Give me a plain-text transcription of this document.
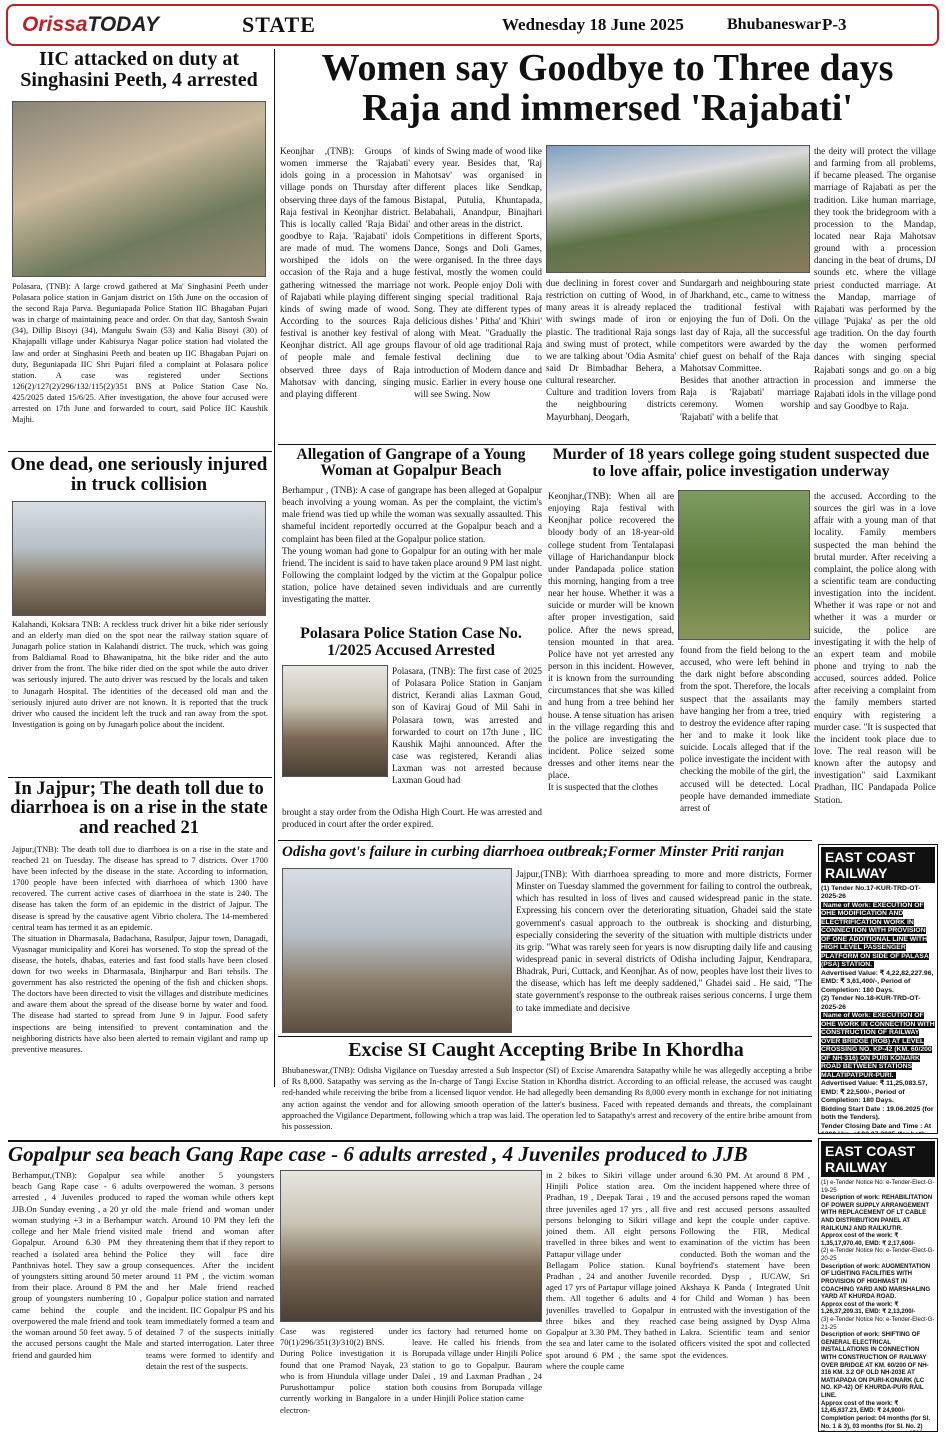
OrissaTODAY	STATE	Wednesday 18 June 2025	Bhubaneswar P-3
IIC attacked on duty at Singhasini Peeth, 4 arrested
Polasara, (TNB): A large crowd gathered at Ma' Singhasini Peeth under Polasara police station in Ganjam district on 15th June on the occasion of the second Raja Parva. Beguniapada Police Station IIC Bhagaban Pujari was in charge of maintaining peace and order. On that day, Santosh Swain (34), Dillip Bisoyi (34), Mangulu Swain (53) and Kalia Bisoyi (30) of Khajapalli village under Kabisurya Nagar police station had violated the law and order at Singhasini Peeth and beaten up IIC Bhagaban Pujari on duty, Beguniapada IIC Shri Pujari filed a complaint at Polasara police station. A case was registered under Sections 126(2)/127(2)/296/132/115(2)/351 BNS at Police Station Case No. 425/2025 dated 15/6/25. After investigation, the above four accused were arrested on 17th June and forwarded to court, said Police IIC Kaushik Majhi.
Women say Goodbye to Three days Raja and immersed 'Rajabati'
Keonjhar ,(TNB): Groups of women immerse the 'Rajabati' idols going in a procession in village ponds on Thursday after observing three days of the famous Raja festival in Keonjhar district. This is locally called 'Raja Bidai' goodbye to Raja. 'Rajabati' idols are made of mud. The womens worshiped the idols on the occasion of the Raja and a huge gathering witnessed the marriage of Rajabati while playing different kinds of swing made of wood. According to the sources Raja festival is another key festival of Keonjhar district. All age groups of people male and female observed three days of Raja Mahotsav with dancing, singing and playing different
kinds of Swing made of wood like every year. Besides that, 'Raj Mahotsav' was organised in different places like Sendkap, Bistapal, Putulia, Khuntapada, Belabahali, Anandpur, Binajhari and other areas in the district.
Competitions in different Sports, Dance, Songs and Doli Games, were organised. In the three days festival, mostly the women could not work. People enjoy Doli with singing special traditional Raja Song. They ate different types of delicious dishes ' Pitha' and 'Khiri' along with Meat. "Gradually the flavour of old age traditional Raja festival declining due to introduction of Modern dance and music. Earlier in every house one will see Swing. Now
due declining in forest cover and restriction on cutting of Wood, in many areas it is already replaced with swings made of iron or plastic. The traditional Raja songs and swing must of protect, while we are talking about 'Odia Asmita' said Dr Bimbadhar Behera, a cultural researcher.
Culture and tradition lovers from the neighbouring districts Mayurbhanj, Deogarh,
Sundargarh and neighbouring state of Jharkhand, etc., came to witness the traditional festival with enjoying the fun of Doli. On the last day of Raja, all the successful competitors were awarded by the chief guest on behalf of the Raja Mahotsav Committee.
Besides that another attraction in Raja is 'Rajabati' marriage ceremony. Women worship 'Rajabati' with a belife that
the deity will protect the village and farming from all problems, if became pleased. The organise marriage of Rajabati as per the tradition. Like human marriage, they took the bridegroom with a procession to the Mandap, located near Raja Mahotsav ground with a procession dancing in the beat of drums, DJ sounds etc. where the village priest conducted marriage. At the Mandap, marriage of Rajabati was performed by the village 'Pujaka' as per the old age tradition. On the day fourth day the women performed dances with singing special Rajabati songs and go on a big procession and immerse the Rajabati idols in the village pond and say Goodbye to Raja.
One dead, one seriously injured in truck collision
Kalahandi, Koksara TNB: A reckless truck driver hit a bike rider seriously and an elderly man died on the spot near the railway station square of Junagarh police station in Kalahandi district. The truck, which was going from Baldiamal Road to Bhawanipatna, hit the bike rider and the auto driver from the front. The bike rider died on the spot while the auto driver was seriously injured. The auto driver was rescued by the locals and taken to Junagarh Hospital. The identities of the deceased old man and the seriously injured auto driver are not known. It is reported that the truck driver who caused the incident left the truck and ran away from the spot. Investigation is going on by Junagarh police about the incident.
Allegation of Gangrape of a Young Woman at Gopalpur Beach
Berhampur , (TNB): A case of gangrape has been alleged at Gopalpur beach involving a young woman. As per the complaint, the victim's male friend was tied up while the woman was sexually assaulted. This shameful incident reportedly occurred at the Gopalpur beach and a complaint has been filed at the Gopalpur police station.
The young woman had gone to Gopalpur for an outing with her male friend. The incident is said to have taken place around 9 PM last night. Following the complaint lodged by the victim at the Gopalpur police station, police have detained seven individuals and are currently investigating the matter.
Polasara Police Station Case No. 1/2025 Accused Arrested
Polasara, (TNB): The first case of 2025 of Polasara Police Station in Ganjam district, Kerandi alias Laxman Goud, son of Kaviraj Goud of Mil Sahi in Polasara town, was arrested and forwarded to court on 17th June , IIC Kaushik Majhi announced. After the case was registered, Kerandi alias Laxman was not arrested because Laxman Goud had
brought a stay order from the Odisha High Court. He was arrested and produced in court after the order expired.
Murder of 18 years college going student suspected due to love affair, police investigation underway
Keonjhar,(TNB): When all are enjoying Raja festival with Keonjhar police recovered the bloody body of an 18-year-old college student from Tentalapasi village of Harichandanpur block under Pandapada police station this morning, hanging from a tree near her house. Whether it was a suicide or murder will be known after proper investigation, said police. After the news spread, tension mounted in that area. Police have not yet arrested any person in this incident. However, it is known from the surrounding circumstances that she was killed and hung from a tree behind her house. A tense situation has arisen in the village regarding this and the police are investigating the incident. Police seized some dresses and other items near the place.
It is suspected that the clothes
found from the field belong to the accused, who were left behind in the dark night before absconding from the spot. Therefore, the locals suspect that the assailants may have hanging her from a tree, tried to destroy the evidence after raping her and to make it look like suicide. Locals alleged that if the police investigate the incident with checking the mobile of the girl, the accused will be detected. Local people have demanded immediate arrest of
the accused. According to the sources the girl was in a love affair with a young man of that locality. Family members suspected the man behind the brutal murder. After receiving a complaint, the police along with a scientific team are conducting investigation into the incident. Whether it was rape or not and whether it was a murder or suicide, the police are investigating it with the help of an expert team and mobile phone and trying to nab the accused, sources added. Police after receiving a complaint from the family members started enquiry with registering a murder case. "It is suspected that the incident took place due to love. The real reason will be known after the autopsy and investigation" said Laxmikant Pradhan, IIC Pandapada Police Station.
In Jajpur; The death toll due to diarrhoea is on a rise in the state and reached 21
Jajpur,(TNB): The death toll due to diarrhoea is on a rise in the state and reached 21 on Tuesday. The disease has spread to 7 districts. Over 1700 have been infected by the disease in the state. According to information, 1700 people have been infected with diarrhoea of which 1300 have recovered. The current active cases of diarrhoea in the state is 240. The disease has taken the form of an epidemic in the district of Jajpur. The disease is spread by the causative agent Vibrio cholera. The 14-membered central team has termed it as an epidemic.
The situation in Dharmasala, Badachana, Rasulpur, Jajpur town, Danagadi, Vyasnagar municipality and Korei has worsened. To stop the spread of the disease, the hotels, dhabas, eateries and fast food stalls have been closed down for two weeks in Dharmasala, Binjharpur and Bari tehsils. The government has also restricted the opening of the fish and chicken shops. The doctors have been directed to visit the villages and distribute medicines and aware them about the spread of the disease borne by water and food. The disease had started to spread from June 9 in Jajpur. Food safety inspections are being intensified to prevent contamination and the neighboring districts have also been alerted to remain vigilant and ramp up preventive measures.
Odisha govt's failure in curbing diarrhoea outbreak;Former Minster Priti ranjan
Jajpur,(TNB): With diarrhoea spreading to more and more districts, Former Minster on Tuesday slammed the government for failing to control the outbreak, which has resulted in loss of lives and caused widespread panic in the state. Expressing his concern over the deteriorating situation, Ghadei said the state government's casual approach to the outbreak is shocking and disturbing, especially considering the severity of the situation with multiple districts under its grip. "What was rarely seen for years is now disrupting daily life and causing widespread panic in several districts of Odisha including Jajpur, Kendrapara, Bhadrak, Puri, Cuttack, and Keonjhar. As of now, peoples have lost their lives to the disease, which has left me deeply saddened," Ghadei said . He said, "The state government's response to the outbreak raises serious concerns. I urge them to take immediate and decisive
Excise SI Caught Accepting Bribe In Khordha
Bhubaneswar,(TNB): Odisha Vigilance on Tuesday arrested a Sub Inspector (SI) of Excise Amarendra Satapathy while he was allegedly accepting a bribe of Rs 8,000. Satapathy was serving as the In-charge of Tangi Excise Station in Khordha district. According to an official release, the accused was caught red-handed while receiving the bribe from a licensed liquor vendor. He had allegedly been demanding Rs 8,000 every month in exchange for not initiating any action against the vendor and for allowing smooth operation of the latter's business. Faced with repeated demands and threats, the complainant approached the Vigilance Department, following which a trap was laid. The operation led to Satapathy's arrest and recovery of the entire bribe amount from his possession.
Gopalpur sea beach Gang Rape case - 6 adults arrested , 4 Juveniles produced to JJB
Berhampur,(TNB): Gopalpur sea beach Gang Rape case - 6 adults arrested , 4 Juveniles produced to JJB.On Sunday evening , a 20 yr old woman studying +3 in a Berhampur college and her Male friend visited Gopalpur. Around 6.30 PM they reached a isolated area behind the Panthnivas hotel. They saw a group of youngsters sitting around 50 meter from their place. Around 8 PM the group of youngsters numbering 10 , came behind the couple and overpowered the male friend and took the woman around 50 feet away. 5 of the accused persons caught the Male friend and gaurded him
while another 5 youngsters overpowered the woman. 3 persons raped the woman while others kept the male friend and woman under watch. Around 10 PM they left the male friend and woman after threatening them that if they report to Police they will face dire consequences. After the incident around 11 PM , the victim woman and her Male friend reached Gopalpur police station and narrated the incident. IIC Gopalpur PS and his team immediately formed a team and detained 7 of the suspects initially and started interrogation. Later three teams were formed to identify and detain the rest of the suspects.
Case was registered under 70(1)/296/351(3)/310(2) BNS.
During Police investigation it is found that one Pramod Nayak, 23 who is from Hiundula village under Purushottampur police station currently working in Bangalore in a electron-
ics factory had returned home on leave. He called his friends from Borupada village under Hinjili Police station to go to Gopalpur. Bauram Dalei , 19 and Laxman Pradhan , 24 both cousins from Borupada village under Hinjili Police station came
in 2 bikes to Sikiri village under Hinjili Police station area. Om Pradhan, 19 , Deepak Tarai , 19 and three juveniles aged 17 yrs , all five persons belonging to Sikiri village joined them. All eight persons travelled in three bikes and went to Pattapur village under
Bellagam Police station. Kunal Pradhan , 24 and another Juvenile aged 17 yrs of Partapur village joined them. All together 6 adults and 4 juvenilles travelled to Gopalpur in three bikes and they reached Gopalpur at 3.30 PM. They bathed in the sea and later came to the isolated spot around 6 PM , the same spot where the couple came
around 6.30 PM. At around 8 PM , the incident happened where three of the accused persons raped the woman and rest accused persons assaulted and kept the couple under captive. Following the FIR, Medical examination of the victim has been conducted. Both the woman and the boyfriend's statement have been recorded. Dysp , IUCAW, Sri Akshaya K Panda ( Integrated Unit for Child and Woman ) has been entrusted with the investigation of the case being assigned by Dysp Alma Lakra. Scientific team and senior officers visited the spot and collected the evidences.
EAST COAST RAILWAY
(1) Tender No.17-KUR-TRD-OT-2025-26
Name of Work: EXECUTION OF OHE MODIFICATION AND ELECTRIFICATION WORK IN CONNECTION WITH PROVISION OF ONE ADDITIONAL LINE WITH HIGH LEVEL PASSENGER PLATFORM ON SIDE OF PALASA (PSA) STATION.
Advertised Value: ₹ 4,22,82,227.96, EMD: ₹ 3,61,400/-, Period of Completion: 180 Days.
(2) Tender No.18-KUR-TRD-OT-2025-26
Name of Work: EXECUTION OF OHE WORK IN CONNECTION WITH CONSTRUCTION OF RAILWAY OVER BRIDGE (ROB) AT LEVEL CROSSING NO. KP-42 (KM. 60/200 OF NH-316) ON PURI KONARK ROAD BETWEEN STATIONS MALATIPATPUR-PURI.
Advertised Value: ₹ 11,25,083.57, EMD: ₹ 22,500/-, Period of Completion: 180 Days.
Bidding Start Date : 19.06.2025 (for both the Tenders).
Tender Closing Date and Time : At
EAST COAST RAILWAY
(1) e-Tender Notice No: e-Tender-Elect-G-19-25
Description of work: REHABILITATION OF POWER SUPPLY ARRANGEMENT WITH REPLACEMENT OF LT CABLE AND DISTRIBUTION PANEL AT RAILKUNJ AND RAILKUTIR.
Approx cost of the work: ₹ 1,35,17,970.40, EMD: ₹ 2,17,600/-
(2) e-Tender Notice No: e-Tender-Elect-G-20-25
Description of work: AUGMENTATION OF LIGHTING FACILITIES WITH PROVISION OF HIGHMAST IN COACHING YARD AND MARSHALING YARD AT KHURDA ROAD.
Approx cost of the work: ₹ 1,26,37,209.31, EMD: ₹ 2,13,200/-
(3) e-Tender Notice No: e-Tender-Elect-G-21-25
Description of work: SHIFTING OF GENERAL ELECTRICAL INSTALLATIONS IN CONNECTION WITH CONSTRUCTION OF RAILWAY OVER BRIDGE AT KM. 60/200 OF NH-316 KM. 3.2 OF OLD NH-203E AT MATIAPADA ON PURI-KONARK (LC NO. KP-42) OF KHURDA-PURI RAIL LINE.
Approx cost of the work: ₹ 12,45,637.23, EMD: ₹ 24,900/-
Completion period: 04 months (for Sl. No. 1 & 3), 03 months (for Sl. No. 2)
